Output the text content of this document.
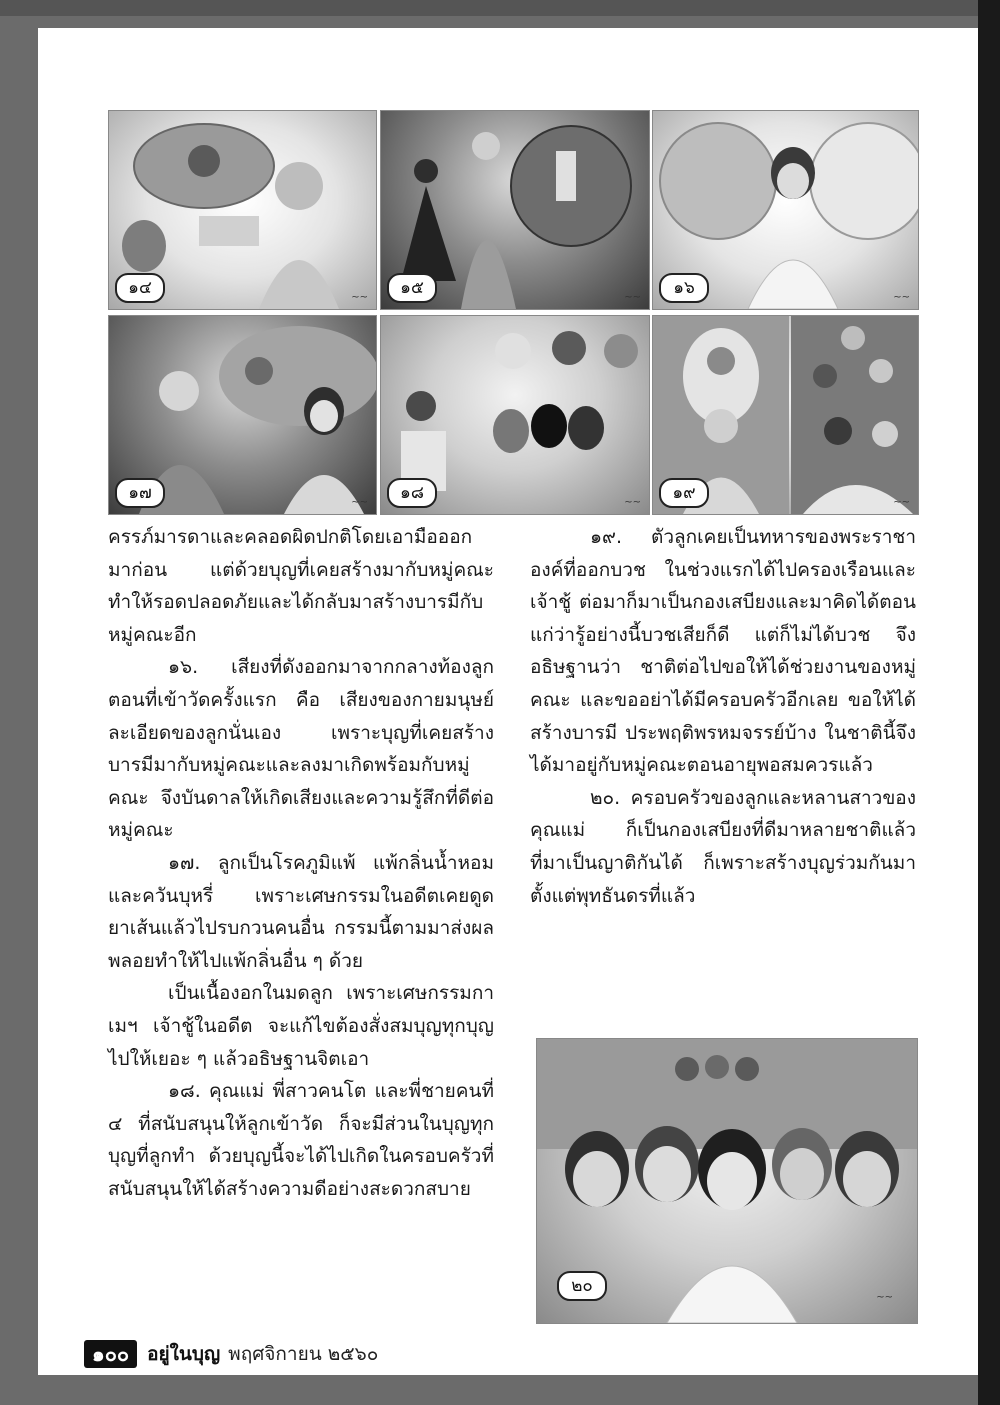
๑๔	~~	๑๕	~~	๑๖	~~
๑๗	~~	๑๘	~~	๑๙	~~

ครรภ์มารดาและคลอดผิดปกติโดยเอามือออกมาก่อน แต่ด้วยบุญที่เคยสร้างมากับหมู่คณะทำให้รอดปลอดภัยและได้กลับมาสร้างบารมีกับหมู่คณะอีก

๑๖. เสียงที่ดังออกมาจากกลางท้องลูกตอนที่เข้าวัดครั้งแรก คือ เสียงของกายมนุษย์ละเอียดของลูกนั่นเอง เพราะบุญที่เคยสร้างบารมีมากับหมู่คณะและลงมาเกิดพร้อมกับหมู่คณะ จึงบันดาลให้เกิดเสียงและความรู้สึกที่ดีต่อหมู่คณะ

๑๗. ลูกเป็นโรคภูมิแพ้ แพ้กลิ่นน้ำหอมและควันบุหรี่ เพราะเศษกรรมในอดีตเคยดูดยาเส้นแล้วไปรบกวนคนอื่น กรรมนี้ตามมาส่งผล พลอยทำให้ไปแพ้กลิ่นอื่น ๆ ด้วย

เป็นเนื้องอกในมดลูก เพราะเศษกรรมกาเมฯ เจ้าชู้ในอดีต จะแก้ไขต้องสั่งสมบุญทุกบุญไปให้เยอะ ๆ แล้วอธิษฐานจิตเอา

๑๘. คุณแม่ พี่สาวคนโต และพี่ชายคนที่ ๔ ที่สนับสนุนให้ลูกเข้าวัด ก็จะมีส่วนในบุญทุกบุญที่ลูกทำ ด้วยบุญนี้จะได้ไปเกิดในครอบครัวที่สนับสนุนให้ได้สร้างความดีอย่างสะดวกสบาย

๑๙. ตัวลูกเคยเป็นทหารของพระราชาองค์ที่ออกบวช ในช่วงแรกได้ไปครองเรือนและเจ้าชู้ ต่อมาก็มาเป็นกองเสบียงและมาคิดได้ตอนแก่ว่ารู้อย่างนี้บวชเสียก็ดี แต่ก็ไม่ได้บวช จึงอธิษฐานว่า ชาติต่อไปขอให้ได้ช่วยงานของหมู่คณะ และขออย่าได้มีครอบครัวอีกเลย ขอให้ได้สร้างบารมี ประพฤติพรหมจรรย์บ้าง ในชาตินี้จึงได้มาอยู่กับหมู่คณะตอนอายุพอสมควรแล้ว

๒๐. ครอบครัวของลูกและหลานสาวของคุณแม่ ก็เป็นกองเสบียงที่ดีมาหลายชาติแล้ว ที่มาเป็นญาติกันได้ ก็เพราะสร้างบุญร่วมกันมาตั้งแต่พุทธันดรที่แล้ว

๒๐
~~
๑๐๐ อยู่ในบุญ พฤศจิกายน ๒๕๖๐
